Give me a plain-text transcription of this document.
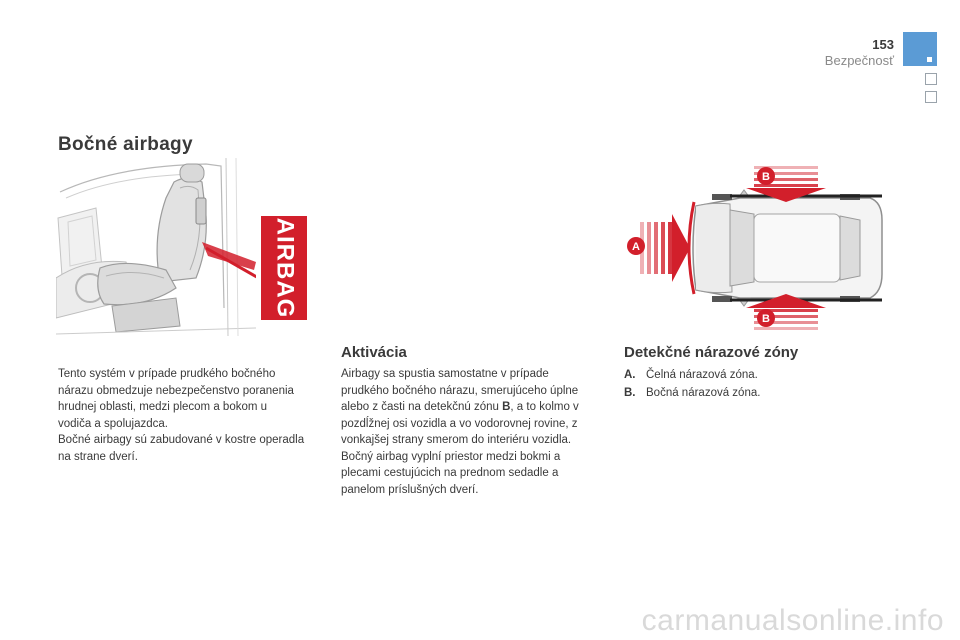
153
Bezpečnosť
Bočné airbagy
AIRBAG	A
B
B
Tento systém v prípade prudkého bočného
nárazu obmedzuje nebezpečenstvo poranenia
hrudnej oblasti, medzi plecom a bokom u
vodiča a spolujazdca.
Bočné airbagy sú zabudované v kostre operadla
na strane dverí.
Aktivácia
Airbagy sa spustia samostatne v prípade
prudkého bočného nárazu, smerujúceho úplne
alebo z časti na detekčnú zónu B, a to kolmo v
pozdĺžnej osi vozidla a vo vodorovnej rovine, z
vonkajšej strany smerom do interiéru vozidla.
Bočný airbag vyplní priestor medzi bokmi a
plecami cestujúcich na prednom sedadle a
panelom príslušných dverí.
Detekčné nárazové zóny
A. Čelná nárazová zóna.
B. Bočná nárazová zóna.
carmanualsonline.info
